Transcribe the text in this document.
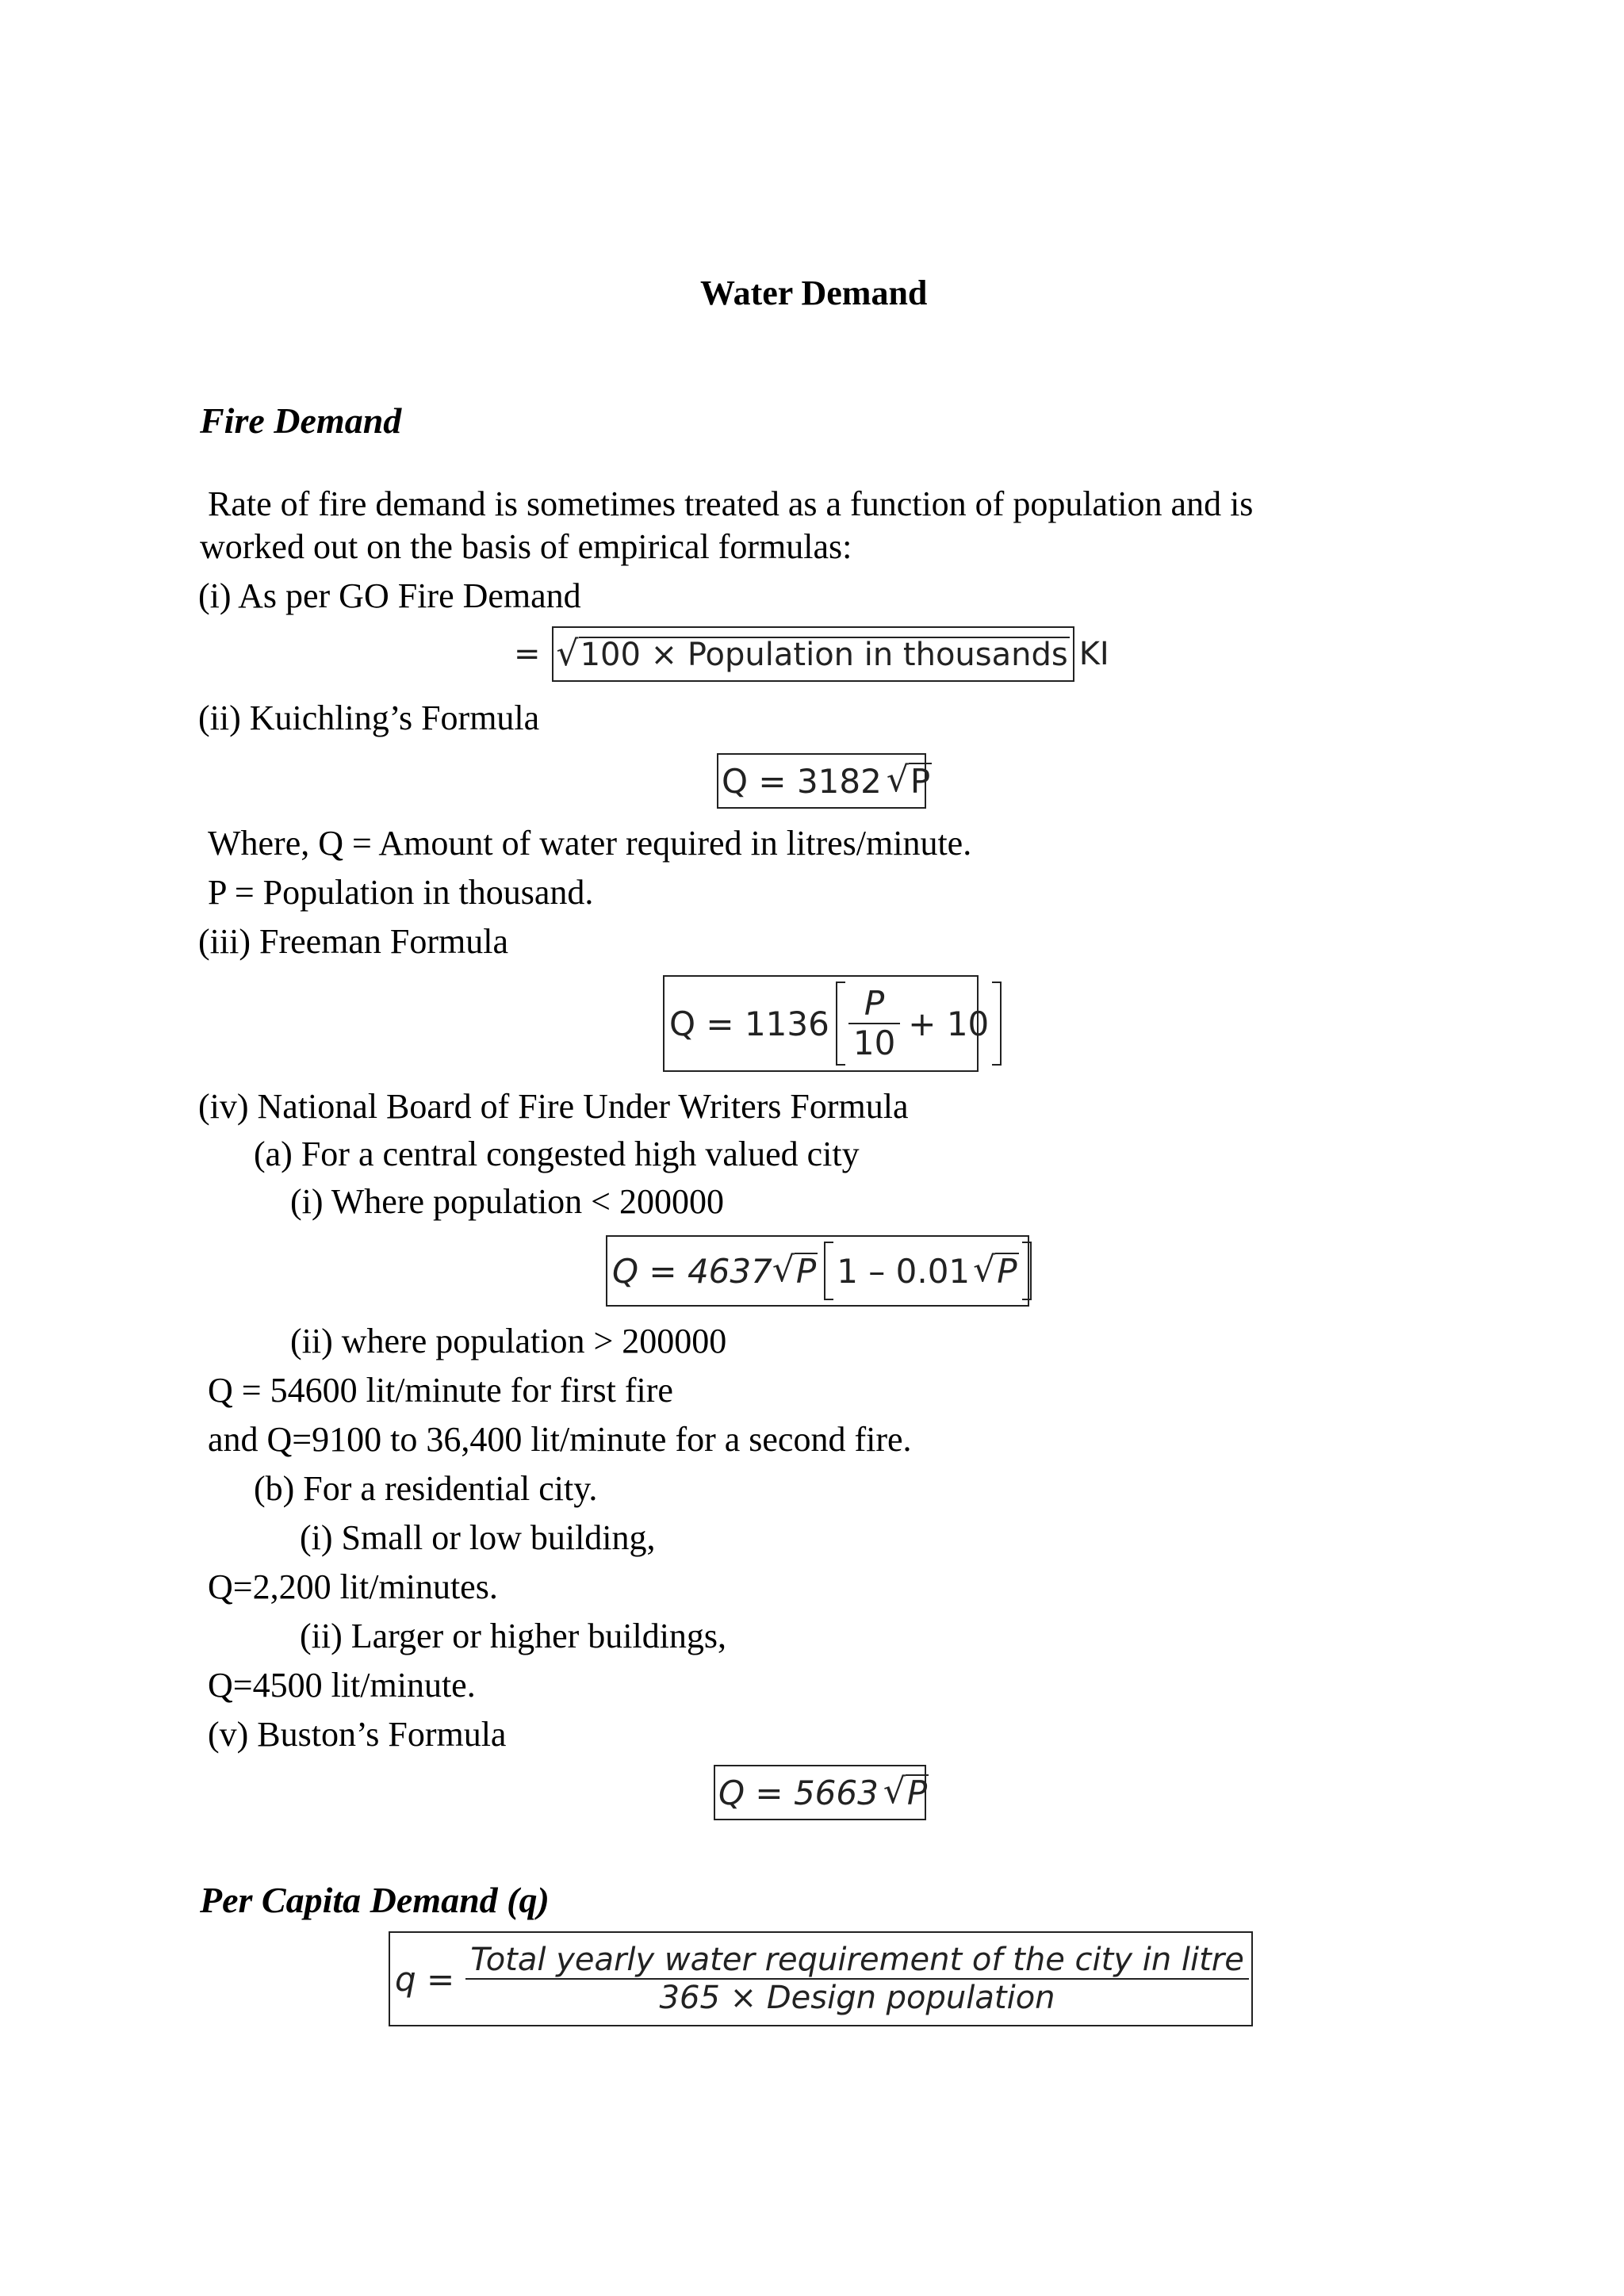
Water Demand
Fire Demand
Rate of fire demand is sometimes treated as a function of population and is
worked out on the basis of empirical formulas:
(i) As per GO Fire Demand
= √ 100 × Population in thousands KI
(ii) Kuichling’s Formula
Q = 3182 √ P
Where, Q = Amount of water required in litres/minute.
P = Population in thousand.
(iii) Freeman Formula
$Q = 1136 \frac{P}{10} + 10$
(iv) National Board of Fire Under Writers Formula
(a) For a central congested high valued city
(i) Where population < 200000
Q = 4637 √ P 1 – 0.01 √ P
(ii) where population > 200000
Q = 54600 lit/minute for first fire
and Q=9100 to 36,400 lit/minute for a second fire.
(b) For a residential city.
(i) Small or low building,
Q=2,200 lit/minutes.
(ii) Larger or higher buildings,
Q=4500 lit/minute.
(v) Buston’s Formula
Q = 5663 √ P
Per Capita Demand (q)
$q = \frac{\text{Total yearly water requirement of the city in litre}}{\text{365 × Design population}}$
